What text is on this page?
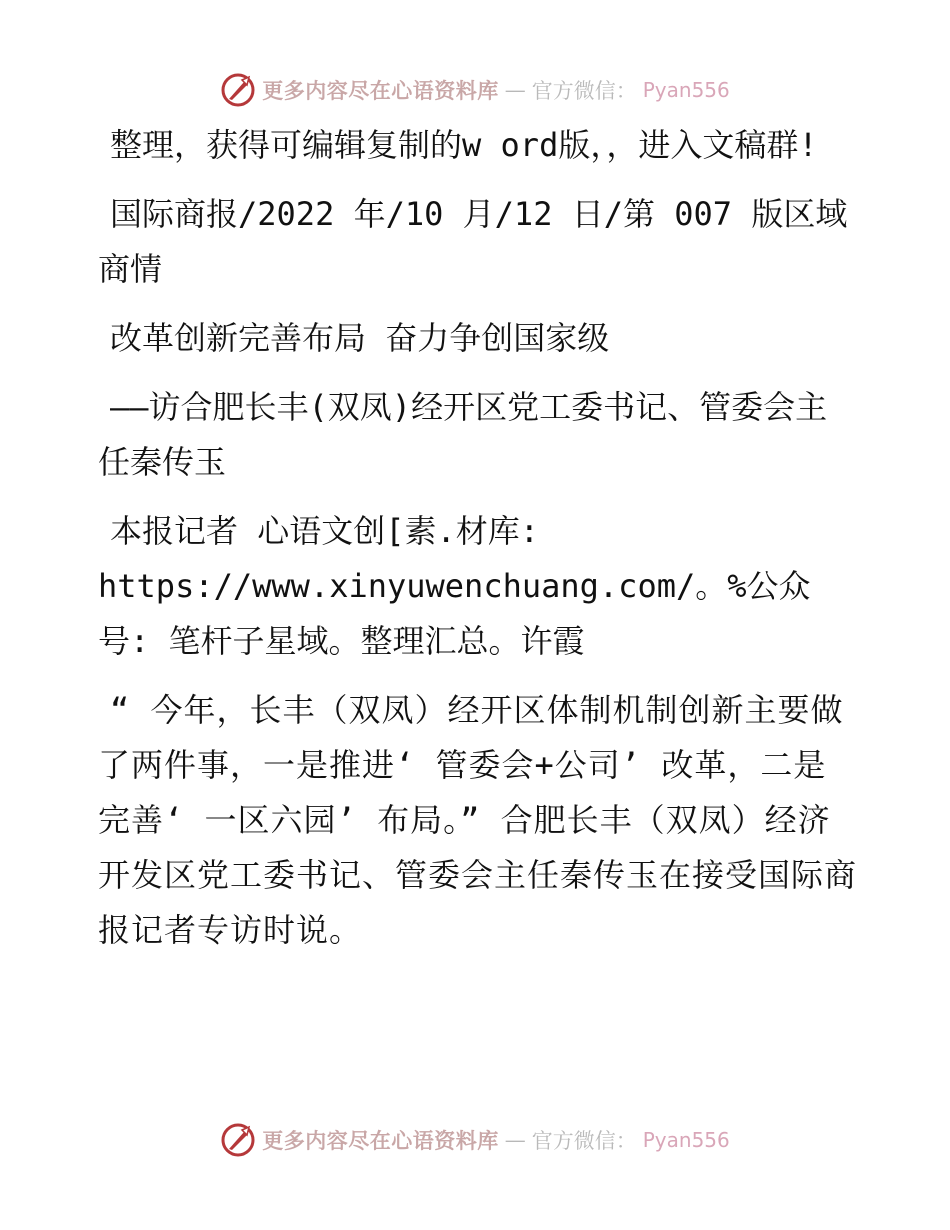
更多内容尽在心语资料库 — 官方微信： Pyan556

整理，获得可编辑复制的w ord版，，进入文稿群!

国际商报/2022 年/10 月/12 日/第 007 版区域商情

改革创新完善布局 奋力争创国家级

——访合肥长丰(双凤)经开区党工委书记、管委会主任秦传玉

本报记者 心语文创[素.材库: https://www.xinyuwenchuang.com/。%公众号: 笔杆子星域。整理汇总。许霞

“ 今年，长丰（双凤）经开区体制机制创新主要做了两件事，一是推进‘ 管委会+公司’ 改革，二是完善‘ 一区六园’ 布局。” 合肥长丰（双凤）经济开发区党工委书记、管委会主任秦传玉在接受国际商报记者专访时说。

更多内容尽在心语资料库 — 官方微信： Pyan556
